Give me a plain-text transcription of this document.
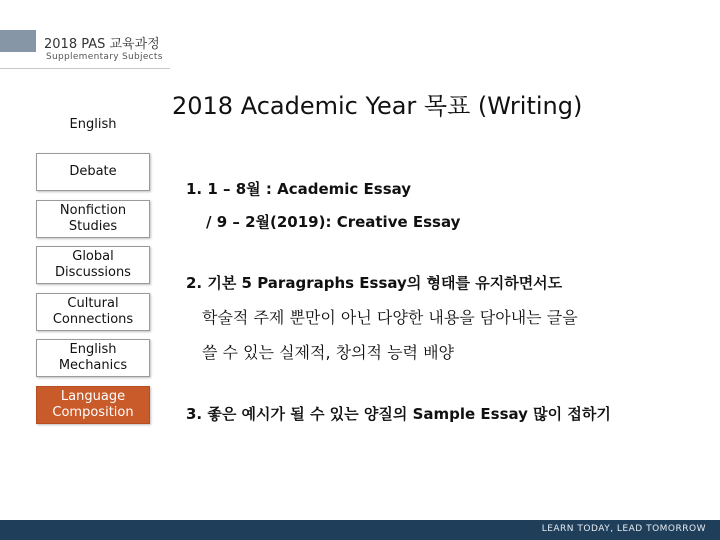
2018 PAS 교육과정
Supplementary Subjects
2018 Academic Year 목표 (Writing)
English
Debate
Nonfiction Studies
Global Discussions
Cultural Connections
English Mechanics
Language Composition
1. 1 – 8월 : Academic Essay
/ 9 – 2월(2019): Creative Essay
2. 기본 5 Paragraphs Essay의 형태를 유지하면서도
학술적 주제 뿐만이 아닌 다양한 내용을 담아내는 글을
쓸 수 있는 실제적, 창의적 능력 배양
3. 좋은 예시가 될 수 있는 양질의 Sample Essay 많이 접하기
LEARN TODAY, LEAD TOMORROW
